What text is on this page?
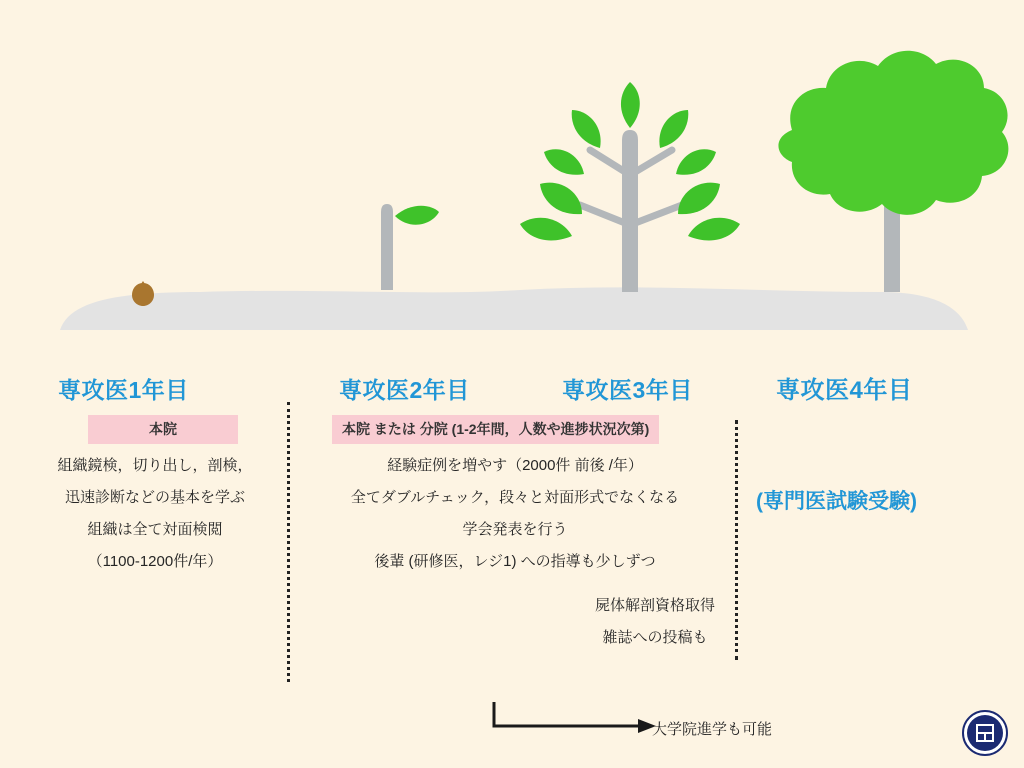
専攻医1年目	専攻医2年目	専攻医3年目	専攻医4年目
本院	本院 または 分院 (1-2年間，人数や進捗状況次第)
組織鏡検，切り出し，剖検，
迅速診断などの基本を学ぶ
組織は全て対面検閲
（1100-1200件/年）
経験症例を増やす（2000件 前後 /年）
全てダブルチェック，段々と対面形式でなくなる
学会発表を行う
後輩 (研修医，レジ1) への指導も少しずつ
屍体解剖資格取得
雑誌への投稿も
(専門医試験受験)
大学院進学も可能
